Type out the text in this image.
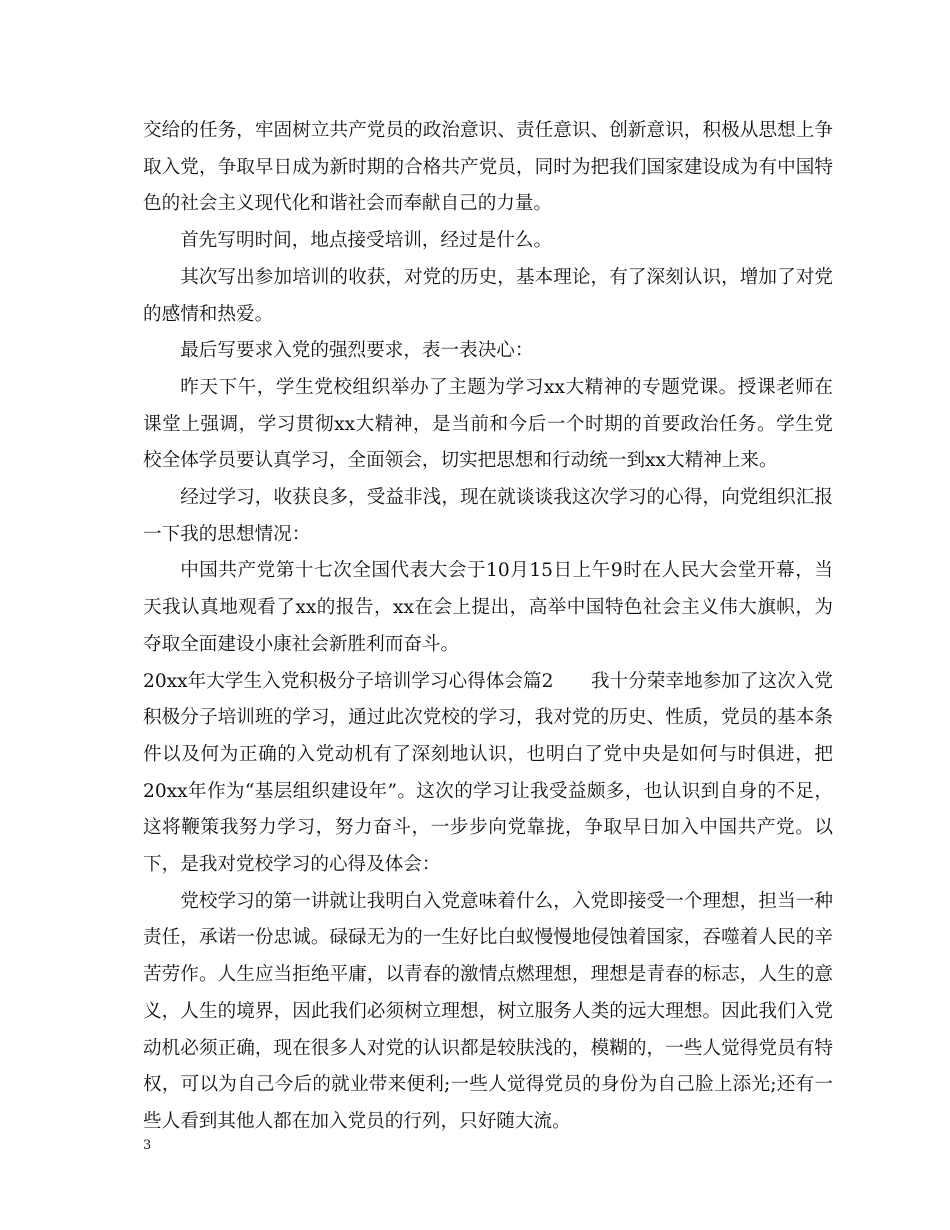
交给的任务，牢固树立共产党员的政治意识、责任意识、创新意识，积极从思想上争取入党，争取早日成为新时期的合格共产党员，同时为把我们国家建设成为有中国特色的社会主义现代化和谐社会而奉献自己的力量。

首先写明时间，地点接受培训，经过是什么。

其次写出参加培训的收获，对党的历史，基本理论，有了深刻认识，增加了对党的感情和热爱。

最后写要求入党的强烈要求，表一表决心：

昨天下午，学生党校组织举办了主题为学习xx大精神的专题党课。授课老师在课堂上强调，学习贯彻xx大精神，是当前和今后一个时期的首要政治任务。学生党校全体学员要认真学习，全面领会，切实把思想和行动统一到xx大精神上来。

经过学习，收获良多，受益非浅，现在就谈谈我这次学习的心得，向党组织汇报一下我的思想情况：

中国共产党第十七次全国代表大会于10月15日上午9时在人民大会堂开幕，当天我认真地观看了xx的报告，xx在会上提出，高举中国特色社会主义伟大旗帜，为夺取全面建设小康社会新胜利而奋斗。

20xx年大学生入党积极分子培训学习心得体会篇2　　我十分荣幸地参加了这次入党积极分子培训班的学习，通过此次党校的学习，我对党的历史、性质，党员的基本条件以及何为正确的入党动机有了深刻地认识，也明白了党中央是如何与时俱进，把20xx年作为“基层组织建设年”。这次的学习让我受益颇多，也认识到自身的不足，这将鞭策我努力学习，努力奋斗，一步步向党靠拢，争取早日加入中国共产党。以下，是我对党校学习的心得及体会：

党校学习的第一讲就让我明白入党意味着什么，入党即接受一个理想，担当一种责任，承诺一份忠诚。碌碌无为的一生好比白蚁慢慢地侵蚀着国家，吞噬着人民的辛苦劳作。人生应当拒绝平庸，以青春的激情点燃理想，理想是青春的标志，人生的意义，人生的境界，因此我们必须树立理想，树立服务人类的远大理想。因此我们入党动机必须正确，现在很多人对党的认识都是较肤浅的，模糊的，一些人觉得党员有特权，可以为自己今后的就业带来便利;一些人觉得党员的身份为自己脸上添光;还有一些人看到其他人都在加入党员的行列，只好随大流。

3
